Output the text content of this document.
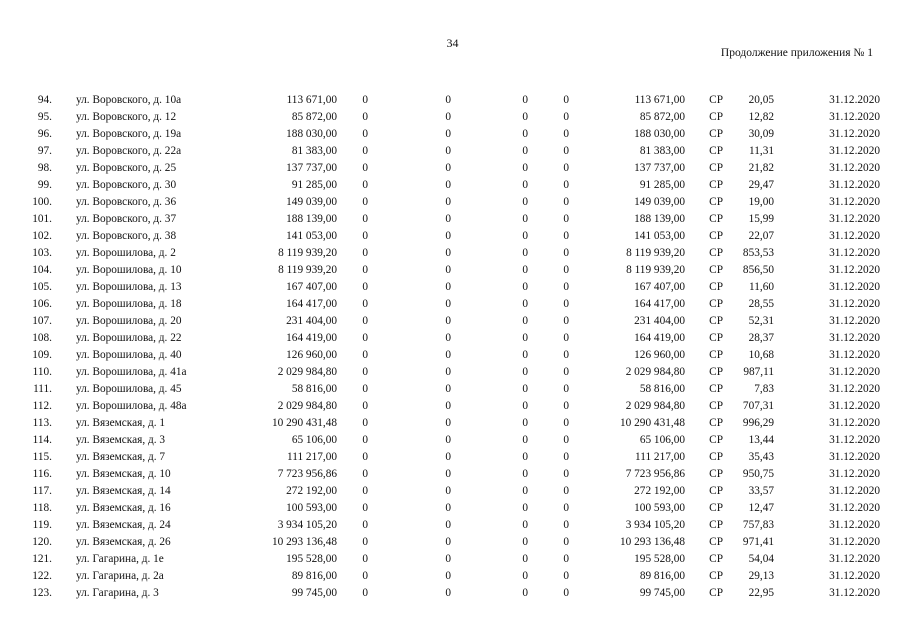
34
Продолжение приложения № 1
94.	ул. Воровского, д. 10а	113 671,00	0	0	0	0	113 671,00	СР	20,05	31.12.2020
95.	ул. Воровского, д. 12	85 872,00	0	0	0	0	85 872,00	СР	12,82	31.12.2020
96.	ул. Воровского, д. 19а	188 030,00	0	0	0	0	188 030,00	СР	30,09	31.12.2020
97.	ул. Воровского, д. 22а	81 383,00	0	0	0	0	81 383,00	СР	11,31	31.12.2020
98.	ул. Воровского, д. 25	137 737,00	0	0	0	0	137 737,00	СР	21,82	31.12.2020
99.	ул. Воровского, д. 30	91 285,00	0	0	0	0	91 285,00	СР	29,47	31.12.2020
100.	ул. Воровского, д. 36	149 039,00	0	0	0	0	149 039,00	СР	19,00	31.12.2020
101.	ул. Воровского, д. 37	188 139,00	0	0	0	0	188 139,00	СР	15,99	31.12.2020
102.	ул. Воровского, д. 38	141 053,00	0	0	0	0	141 053,00	СР	22,07	31.12.2020
103.	ул. Ворошилова, д. 2	8 119 939,20	0	0	0	0	8 119 939,20	СР	853,53	31.12.2020
104.	ул. Ворошилова, д. 10	8 119 939,20	0	0	0	0	8 119 939,20	СР	856,50	31.12.2020
105.	ул. Ворошилова, д. 13	167 407,00	0	0	0	0	167 407,00	СР	11,60	31.12.2020
106.	ул. Ворошилова, д. 18	164 417,00	0	0	0	0	164 417,00	СР	28,55	31.12.2020
107.	ул. Ворошилова, д. 20	231 404,00	0	0	0	0	231 404,00	СР	52,31	31.12.2020
108.	ул. Ворошилова, д. 22	164 419,00	0	0	0	0	164 419,00	СР	28,37	31.12.2020
109.	ул. Ворошилова, д. 40	126 960,00	0	0	0	0	126 960,00	СР	10,68	31.12.2020
110.	ул. Ворошилова, д. 41а	2 029 984,80	0	0	0	0	2 029 984,80	СР	987,11	31.12.2020
111.	ул. Ворошилова, д. 45	58 816,00	0	0	0	0	58 816,00	СР	7,83	31.12.2020
112.	ул. Ворошилова, д. 48а	2 029 984,80	0	0	0	0	2 029 984,80	СР	707,31	31.12.2020
113.	ул. Вяземская, д. 1	10 290 431,48	0	0	0	0	10 290 431,48	СР	996,29	31.12.2020
114.	ул. Вяземская, д. 3	65 106,00	0	0	0	0	65 106,00	СР	13,44	31.12.2020
115.	ул. Вяземская, д. 7	111 217,00	0	0	0	0	111 217,00	СР	35,43	31.12.2020
116.	ул. Вяземская, д. 10	7 723 956,86	0	0	0	0	7 723 956,86	СР	950,75	31.12.2020
117.	ул. Вяземская, д. 14	272 192,00	0	0	0	0	272 192,00	СР	33,57	31.12.2020
118.	ул. Вяземская, д. 16	100 593,00	0	0	0	0	100 593,00	СР	12,47	31.12.2020
119.	ул. Вяземская, д. 24	3 934 105,20	0	0	0	0	3 934 105,20	СР	757,83	31.12.2020
120.	ул. Вяземская, д. 26	10 293 136,48	0	0	0	0	10 293 136,48	СР	971,41	31.12.2020
121.	ул. Гагарина, д. 1е	195 528,00	0	0	0	0	195 528,00	СР	54,04	31.12.2020
122.	ул. Гагарина, д. 2а	89 816,00	0	0	0	0	89 816,00	СР	29,13	31.12.2020
123.	ул. Гагарина, д. 3	99 745,00	0	0	0	0	99 745,00	СР	22,95	31.12.2020
